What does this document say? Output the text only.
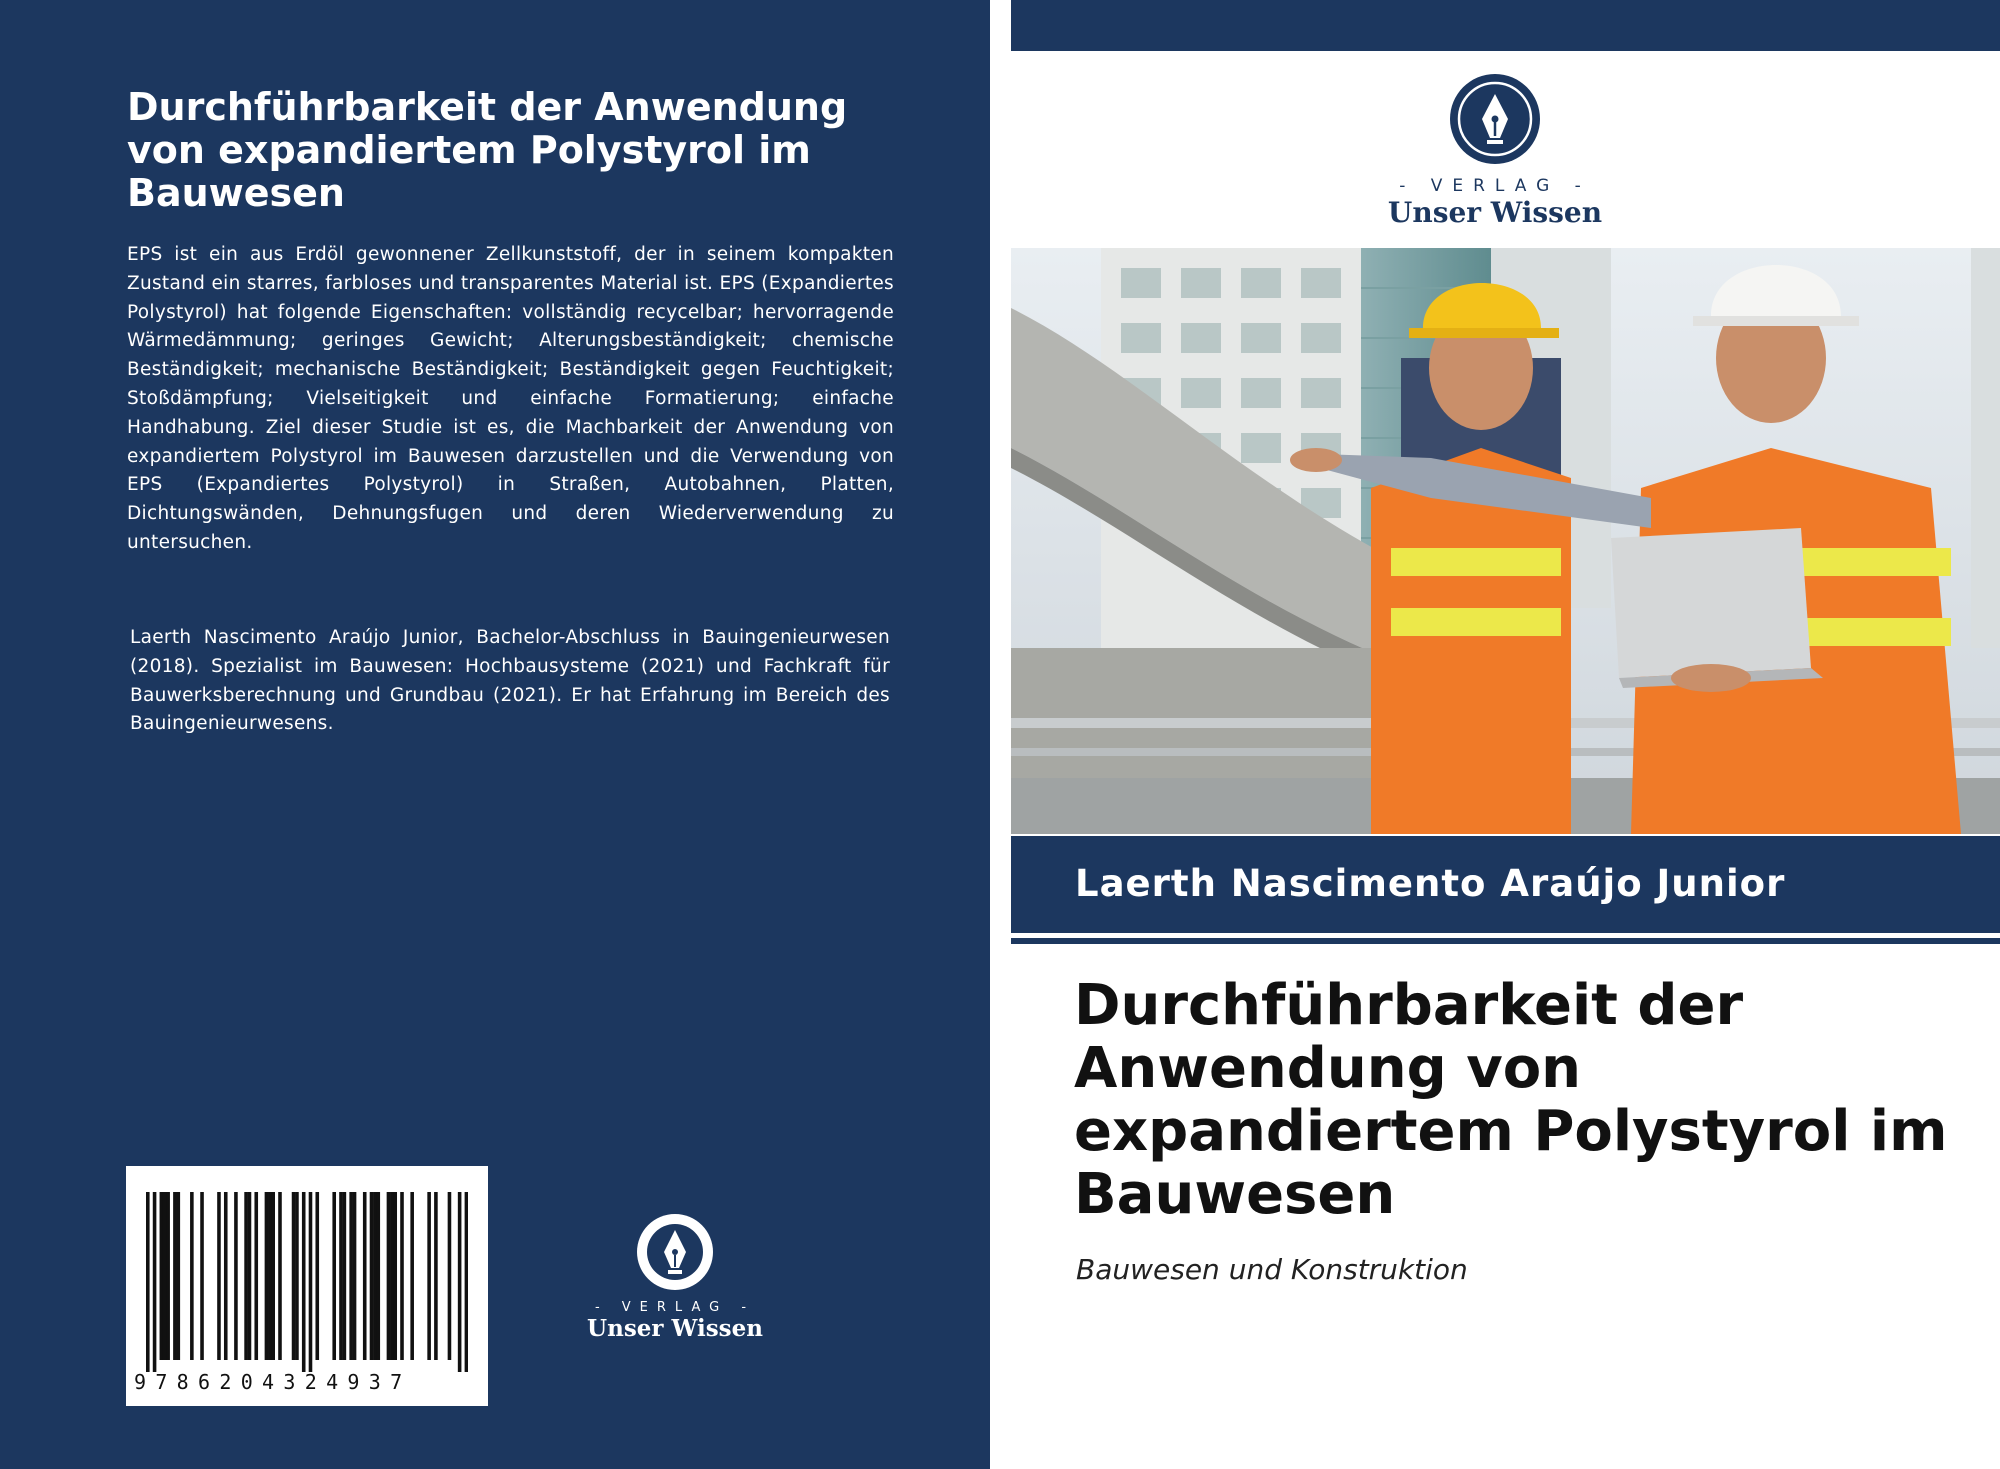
Durchführbarkeit der Anwendung von expandiertem Polystyrol im Bauwesen

EPS ist ein aus Erdöl gewonnener Zellkunststoff, der in seinem kompakten Zustand ein starres, farbloses und transparentes Material ist. EPS (Expandiertes Polystyrol) hat folgende Eigenschaften: vollständig recycelbar; hervorragende Wärmedämmung; geringes Gewicht; Alterungsbeständigkeit; chemische Beständigkeit; mechanische Beständigkeit; Beständigkeit gegen Feuchtigkeit; Stoßdämpfung; Vielseitigkeit und einfache Formatierung; einfache Handhabung. Ziel dieser Studie ist es, die Machbarkeit der Anwendung von expandiertem Polystyrol im Bauwesen darzustellen und die Verwendung von EPS (Expandiertes Polystyrol) in Straßen, Autobahnen, Platten, Dichtungswänden, Dehnungsfugen und deren Wiederverwendung zu untersuchen.

Laerth Nascimento Araújo Junior, Bachelor-Abschluss in Bauingenieurwesen (2018). Spezialist im Bauwesen: Hochbausysteme (2021) und Fachkraft für Bauwerksberechnung und Grundbau (2021). Er hat Erfahrung im Bereich des Bauingenieurwesens.

9786204324937
- VERLAG -
Unser Wissen
- VERLAG -
Unser Wissen
Laerth Nascimento Araújo Junior
Durchführbarkeit der Anwendung von expandiertem Polystyrol im Bauwesen
Bauwesen und Konstruktion
